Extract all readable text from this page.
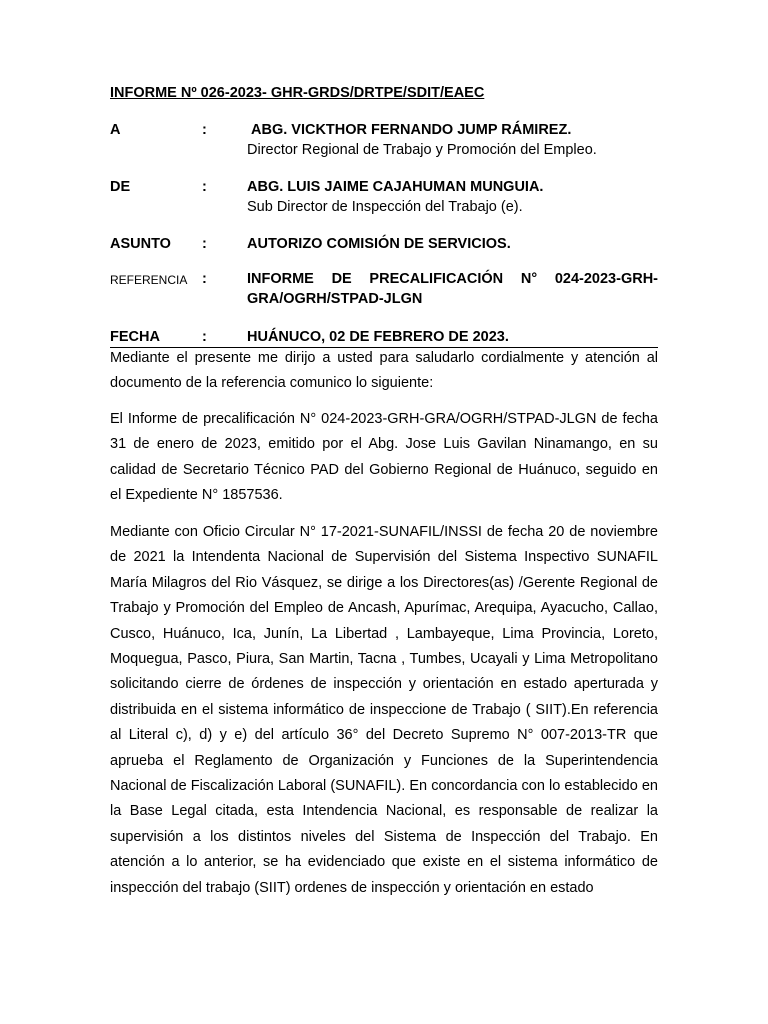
INFORME Nº 026-2023- GHR-GRDS/DRTPE/SDIT/EAEC
A	:	ABG. VICKTHOR FERNANDO JUMP RÁMIREZ.
Director Regional de Trabajo y Promoción del Empleo.
DE	:	ABG. LUIS JAIME CAJAHUMAN MUNGUIA.
Sub Director de Inspección del Trabajo (e).
ASUNTO :	AUTORIZO COMISIÓN DE SERVICIOS.
REFERENCIA :	INFORME DE PRECALIFICACIÓN N° 024-2023-GRH-GRA/OGRH/STPAD-JLGN
FECHA	:	HUÁNUCO, 02 DE FEBRERO DE 2023.

Mediante el presente me dirijo a usted para saludarlo cordialmente y atención al documento de la referencia comunico lo siguiente:

El Informe de precalificación N° 024-2023-GRH-GRA/OGRH/STPAD-JLGN de fecha 31 de enero de 2023, emitido por el Abg. Jose Luis Gavilan Ninamango, en su calidad de Secretario Técnico PAD del Gobierno Regional de Huánuco, seguido en el Expediente N° 1857536.

Mediante con Oficio Circular N° 17-2021-SUNAFIL/INSSI de fecha 20 de noviembre de 2021 la Intendenta Nacional de Supervisión del Sistema Inspectivo SUNAFIL María Milagros del Rio Vásquez, se dirige a los Directores(as) /Gerente Regional de Trabajo y Promoción del Empleo de Ancash, Apurímac, Arequipa, Ayacucho, Callao, Cusco, Huánuco, Ica, Junín, La Libertad , Lambayeque, Lima Provincia, Loreto, Moquegua, Pasco, Piura, San Martin, Tacna , Tumbes, Ucayali y Lima Metropolitano solicitando cierre de órdenes de inspección y orientación en estado aperturada y distribuida en el sistema informático de inspeccione de Trabajo ( SIIT).En referencia al Literal c), d) y e) del artículo 36° del Decreto Supremo N° 007-2013-TR que aprueba el Reglamento de Organización y Funciones de la Superintendencia Nacional de Fiscalización Laboral (SUNAFIL). En concordancia con lo establecido en la Base Legal citada, esta Intendencia Nacional, es responsable de realizar la supervisión a los distintos niveles del Sistema de Inspección del Trabajo. En atención a lo anterior, se ha evidenciado que existe en el sistema informático de inspección del trabajo (SIIT) ordenes de inspección y orientación en estado
